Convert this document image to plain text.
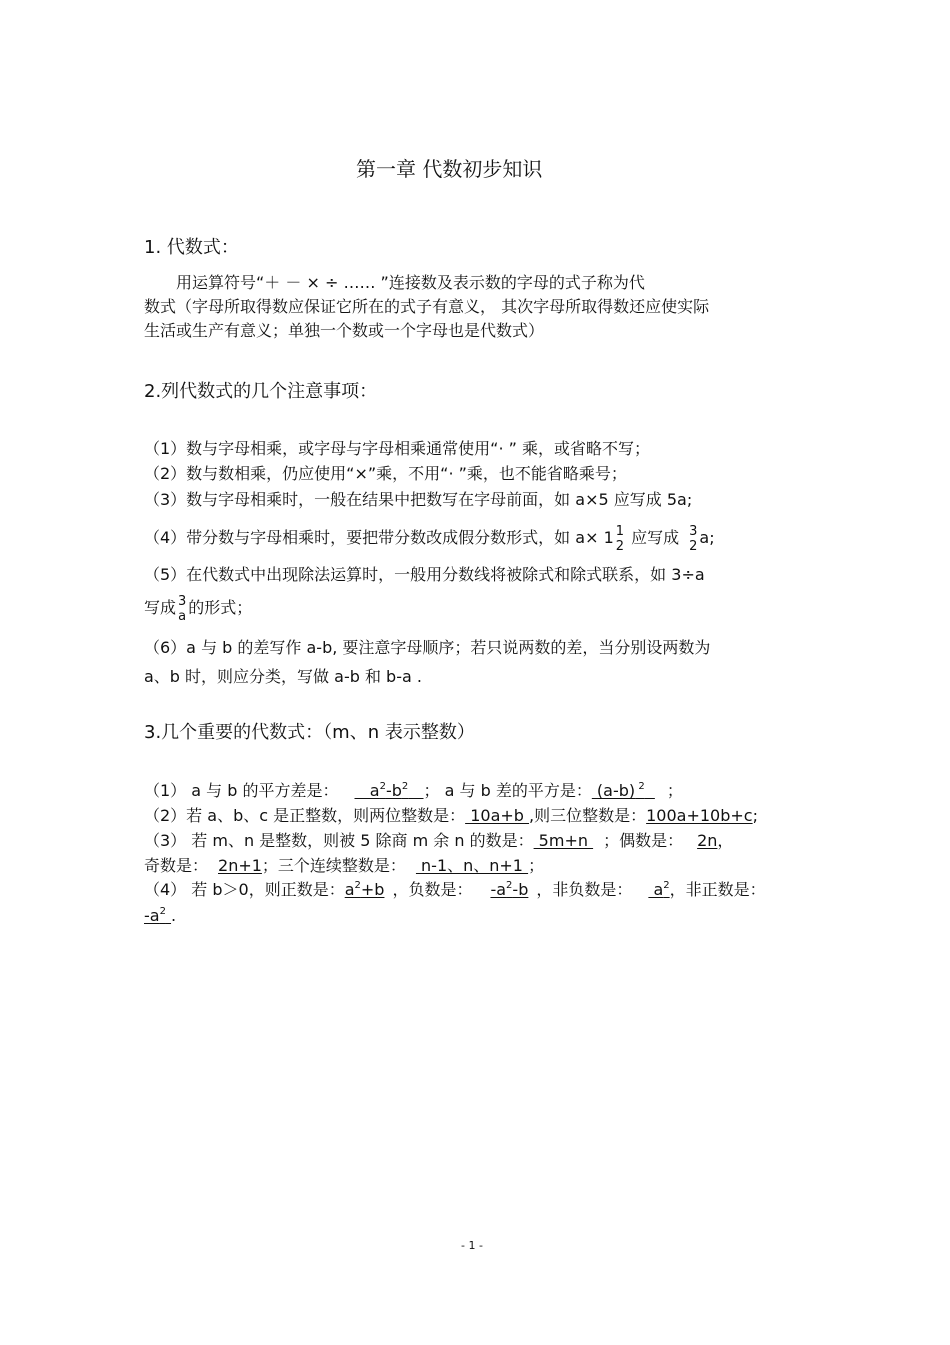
第一章 代数初步知识
1. 代数式：
用运算符号“＋ － × ÷ …… ”连接数及表示数的字母的式子称为代
数式（字母所取得数应保证它所在的式子有意义， 其次字母所取得数还应使实际
生活或生产有意义；单独一个数或一个字母也是代数式）
2.列代数式的几个注意事项：
（1）数与字母相乘，或字母与字母相乘通常使用“· ” 乘，或省略不写；
（2）数与数相乘，仍应使用“×”乘，不用“· ”乘，也不能省略乘号；
（3）数与字母相乘时，一般在结果中把数写在字母前面，如 a×5 应写成 5a;
（4）带分数与字母相乘时，要把带分数改成假分数形式，如 a× 1 1
2 应写成 3
2 a;
（5）在代数式中出现除法运算时，一般用分数线将被除式和除式联系，如 3÷a
写成 3
a 的形式；
（6）a 与 b 的差写作 a-b, 要注意字母顺序；若只说两数的差，当分别设两数为
a、b 时，则应分类，写做 a-b 和 b-a .
3.几个重要的代数式：（m、n 表示整数）
（1） a 与 b 的平方差是：   $a^2-b^2$ ； a 与 b 差的平方是： (a-b) $^2$ ；
（2）若 a、b、c 是正整数，则两位整数是： 10a+b ,则三位整数是：100a+10b+c;
（3） 若 m、n 是整数，则被 5 除商 m 余 n 的数是： 5m+n ；偶数是： 2n，
奇数是： 2n+1；三个连续整数是： n-1、n、n+1 ；
（4） 若 b＞0，则正数是：$a^2+b$ ，负数是： $-a^2-b$ ，非负数是： $a^2$，非正数是：
$-a^2$ .
- 1 -
